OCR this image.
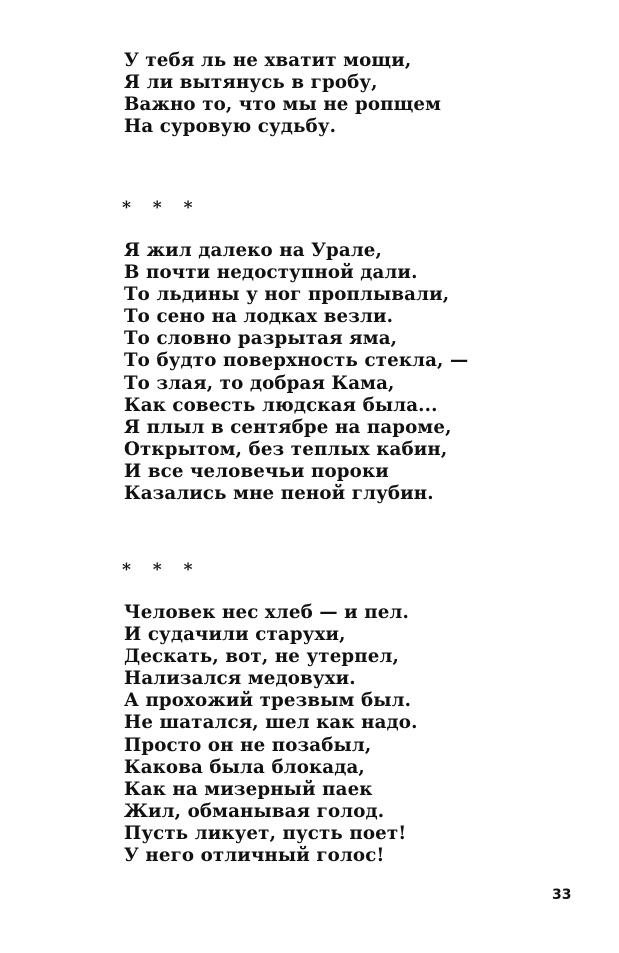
У тебя ль не хватит мощи,
Я ли вытянусь в гробу,
Важно то, что мы не ропщем
На суровую судьбу.
* * *
Я жил далеко на Урале,
В почти недоступной дали.
То льдины у ног проплывали,
То сено на лодках везли.
То словно разрытая яма,
То будто поверхность стекла, —
То злая, то добрая Кама,
Как совесть людская была...
Я плыл в сентябре на пароме,
Открытом, без теплых кабин,
И все человечьи пороки
Казались мне пеной глубин.
* * *
Человек нес хлеб — и пел.
И судачили старухи,
Дескать, вот, не утерпел,
Нализался медовухи.
А прохожий трезвым был.
Не шатался, шел как надо.
Просто он не позабыл,
Какова была блокада,
Как на мизерный паек
Жил, обманывая голод.
Пусть ликует, пусть поет!
У него отличный голос!
33
